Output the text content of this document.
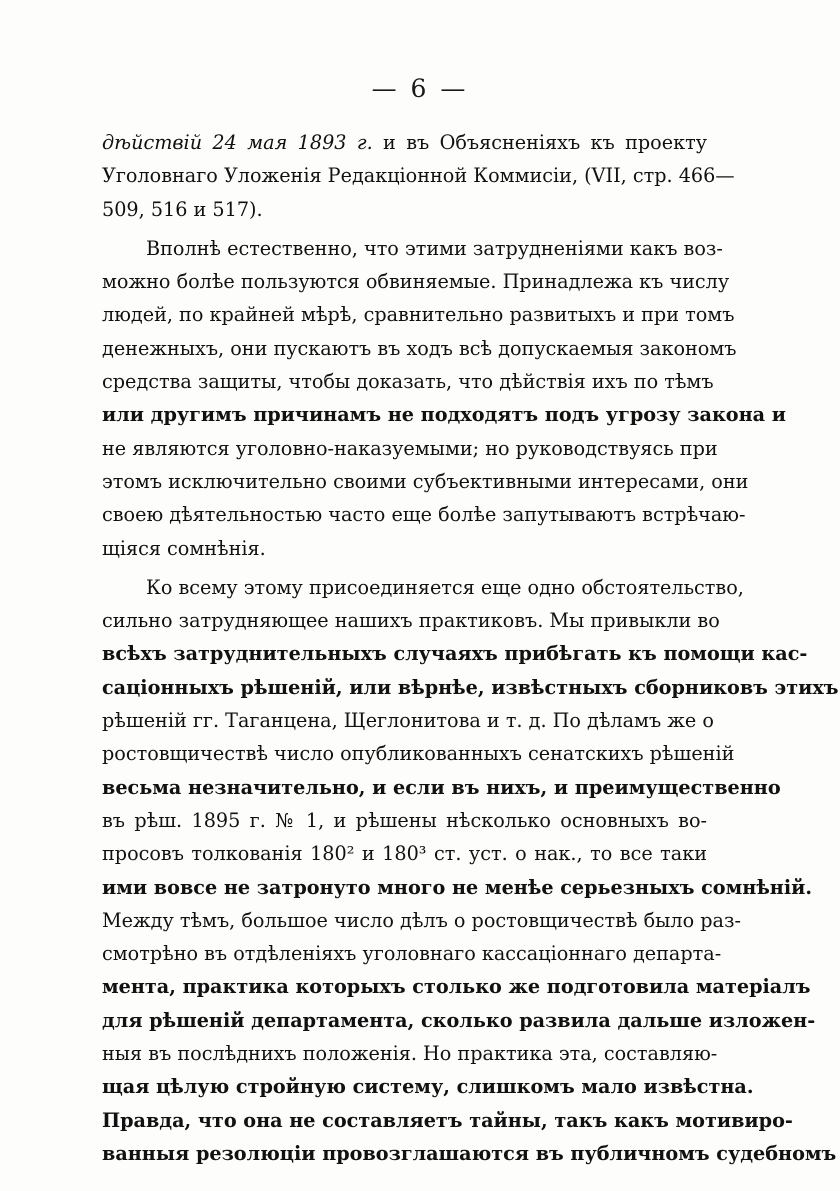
— 6 —
дѣйствій 24 мая 1893 г. и въ Объясненіяхъ къ проекту
Уголовнаго Уложенія Редакціонной Коммисіи, (VII, стр. 466—
509, 516 и 517).
Вполнѣ естественно, что этими затрудненіями какъ воз-
можно болѣе пользуются обвиняемые. Принадлежа къ числу
людей, по крайней мѣрѣ, сравнительно развитыхъ и при томъ
денежныхъ, они пускаютъ въ ходъ всѣ допускаемыя закономъ
средства защиты, чтобы доказать, что дѣйствія ихъ по тѣмъ
или другимъ причинамъ не подходятъ подъ угрозу закона и
не являются уголовно-наказуемыми; но руководствуясь при
этомъ исключительно своими субъективными интересами, они
своею дѣятельностью часто еще болѣе запутываютъ встрѣчаю-
щіяся сомнѣнія.
Ко всему этому присоединяется еще одно обстоятельство,
сильно затрудняющее нашихъ практиковъ. Мы привыкли во
всѣхъ затруднительныхъ случаяхъ прибѣгать къ помощи кас-
саціонныхъ рѣшеній, или вѣрнѣе, извѣстныхъ сборниковъ этихъ
рѣшеній гг. Таганцена, Щеглонитова и т. д. По дѣламъ же о
ростовщичествѣ число опубликованныхъ сенатскихъ рѣшеній
весьма незначительно, и если въ нихъ, и преимущественно
въ рѣш. 1895 г. № 1, и рѣшены нѣсколько основныхъ во-
просовъ толкованія 180² и 180³ ст. уст. о нак., то все таки
ими вовсе не затронуто много не менѣе серьезныхъ сомнѣній.
Между тѣмъ, большое число дѣлъ о ростовщичествѣ было раз-
смотрѣно въ отдѣленіяхъ уголовнаго кассаціоннаго департа-
мента, практика которыхъ столько же подготовила матеріалъ
для рѣшеній департамента, сколько развила дальше изложен-
ныя въ послѣднихъ положенія. Но практика эта, составляю-
щая цѣлую стройную систему, слишкомъ мало извѣстна.
Правда, что она не составляетъ тайны, такъ какъ мотивиро-
ванныя резолюціи провозглашаются въ публичномъ судебномъ
